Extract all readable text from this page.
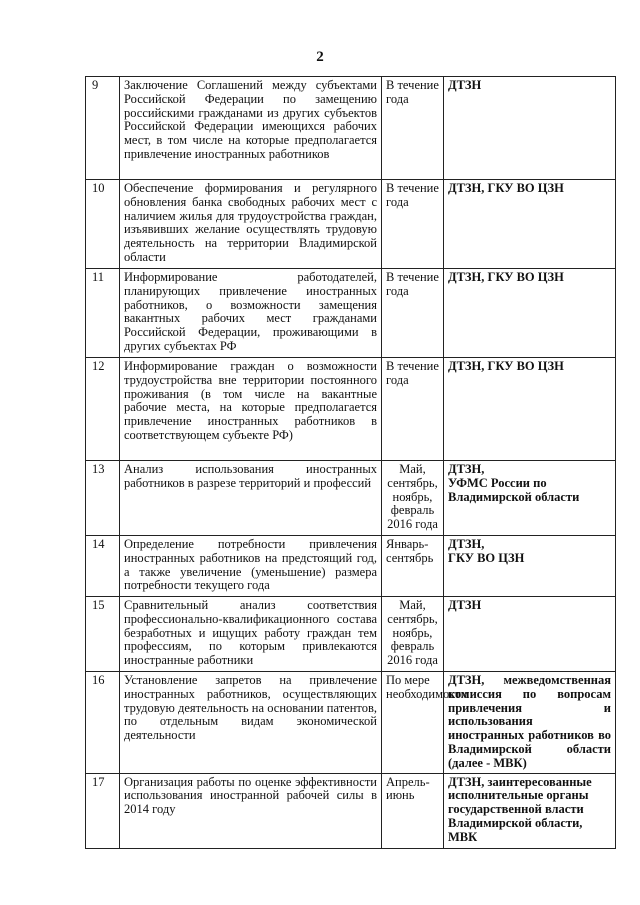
2
9	Заключение Соглашений между субъектами Российской Федерации по замещению российскими гражданами из других субъектов Российской Федерации имеющихся рабочих мест, в том числе на которые предполагается привлечение иностранных работников	В течение года	ДТЗН
10	Обеспечение формирования и регулярного обновления банка свободных рабочих мест с наличием жилья для трудоустройства граждан, изъявивших желание осуществлять трудовую деятельность на территории Владимирской области	В течение года	ДТЗН, ГКУ ВО ЦЗН
11	Информирование работодателей, планирующих привлечение иностранных работников, о возможности замещения вакантных рабочих мест гражданами Российской Федерации, проживающими в других субъектах РФ	В течение года	ДТЗН, ГКУ ВО ЦЗН
12	Информирование граждан о возможности трудоустройства вне территории постоянного проживания (в том числе на вакантные рабочие места, на которые предполагается привлечение иностранных работников в соответствующем субъекте РФ)	В течение года	ДТЗН, ГКУ ВО ЦЗН
13	Анализ использования иностранных работников в разрезе территорий и профессий	Май, сентябрь, ноябрь, февраль 2016 года	ДТЗН,
УФМС России по Владимирской области
14	Определение потребности привлечения иностранных работников на предстоящий год, а также увеличение (уменьшение) размера потребности текущего года	Январь-сентябрь	ДТЗН,
ГКУ ВО ЦЗН
15	Сравнительный анализ соответствия профессионально-квалификационного состава безработных и ищущих работу граждан тем профессиям, по которым привлекаются иностранные работники	Май, сентябрь, ноябрь, февраль 2016 года	ДТЗН
16	Установление запретов на привлечение иностранных работников, осуществляющих трудовую деятельность на основании патентов, по отдельным видам экономической деятельности	По мере необходимости	ДТЗН, межведомственная комиссия по вопросам привлечения и использования иностранных работников во Владимирской области (далее - МВК)
17	Организация работы по оценке эффективности использования иностранной рабочей силы в 2014 году	Апрель-июнь	ДТЗН, заинтересованные исполнительные органы государственной власти Владимирской области, МВК
